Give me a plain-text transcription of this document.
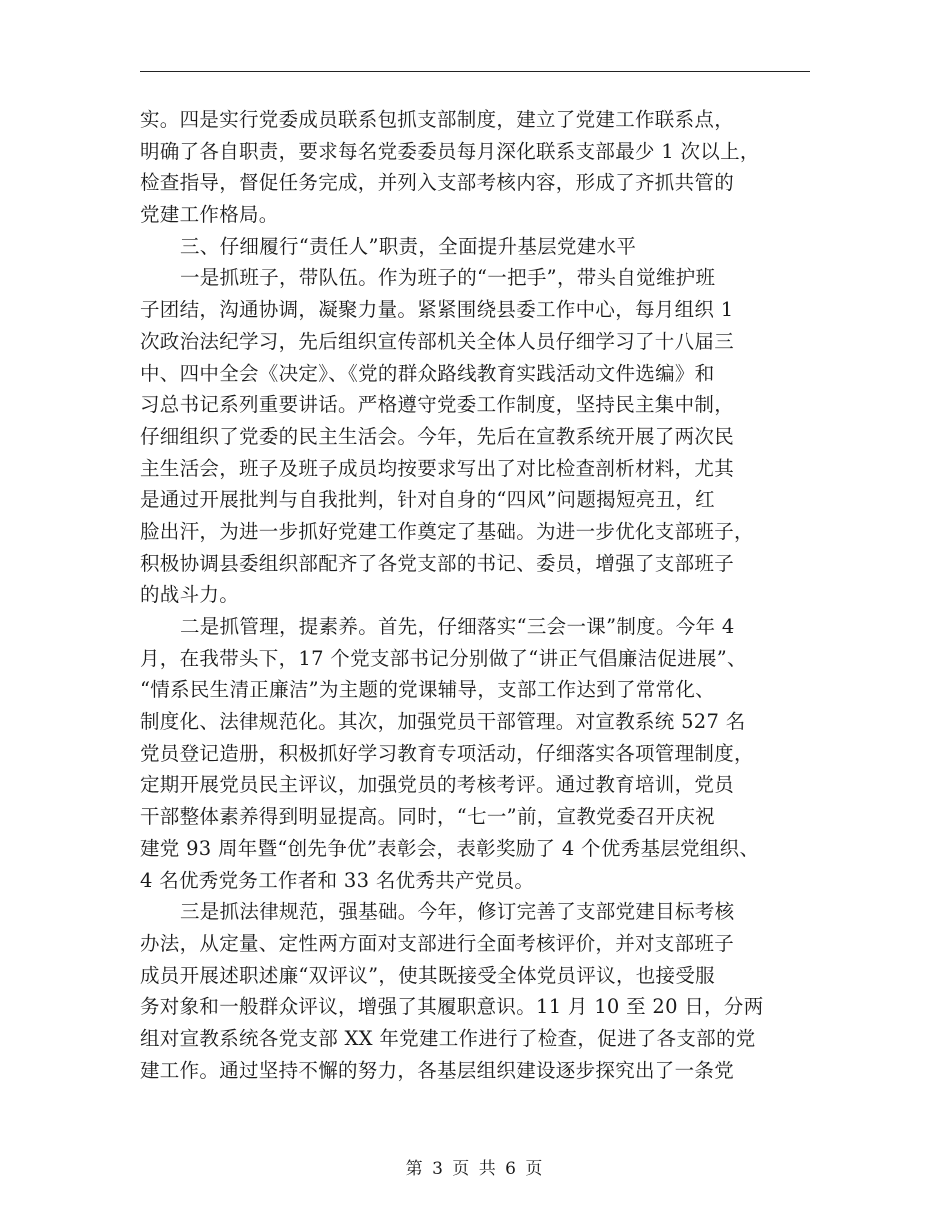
实。四是实行党委成员联系包抓支部制度，建立了党建工作联系点，
明确了各自职责，要求每名党委委员每月深化联系支部最少 1 次以上，
检查指导，督促任务完成，并列入支部考核内容，形成了齐抓共管的
党建工作格局。
三、仔细履行“责任人”职责，全面提升基层党建水平
一是抓班子，带队伍。作为班子的“一把手”，带头自觉维护班
子团结，沟通协调，凝聚力量。紧紧围绕县委工作中心，每月组织 1
次政治法纪学习，先后组织宣传部机关全体人员仔细学习了十八届三
中、四中全会《决定》、《党的群众路线教育实践活动文件选编》和
习总书记系列重要讲话。严格遵守党委工作制度，坚持民主集中制，
仔细组织了党委的民主生活会。今年，先后在宣教系统开展了两次民
主生活会，班子及班子成员均按要求写出了对比检查剖析材料，尤其
是通过开展批判与自我批判，针对自身的“四风”问题揭短亮丑，红
脸出汗，为进一步抓好党建工作奠定了基础。为进一步优化支部班子，
积极协调县委组织部配齐了各党支部的书记、委员，增强了支部班子
的战斗力。
二是抓管理，提素养。首先，仔细落实“三会一课”制度。今年 4
月，在我带头下，17 个党支部书记分别做了“讲正气倡廉洁促进展”、
“情系民生清正廉洁”为主题的党课辅导，支部工作达到了常常化、
制度化、法律规范化。其次，加强党员干部管理。对宣教系统 527 名
党员登记造册，积极抓好学习教育专项活动，仔细落实各项管理制度，
定期开展党员民主评议，加强党员的考核考评。通过教育培训，党员
干部整体素养得到明显提高。同时，“七一”前，宣教党委召开庆祝
建党 93 周年暨“创先争优”表彰会，表彰奖励了 4 个优秀基层党组织、
4 名优秀党务工作者和 33 名优秀共产党员。
三是抓法律规范，强基础。今年，修订完善了支部党建目标考核
办法，从定量、定性两方面对支部进行全面考核评价，并对支部班子
成员开展述职述廉“双评议”，使其既接受全体党员评议，也接受服
务对象和一般群众评议，增强了其履职意识。11 月 10 至 20 日，分两
组对宣教系统各党支部 XX 年党建工作进行了检查，促进了各支部的党
建工作。通过坚持不懈的努力，各基层组织建设逐步探究出了一条党
第 3 页 共 6 页
